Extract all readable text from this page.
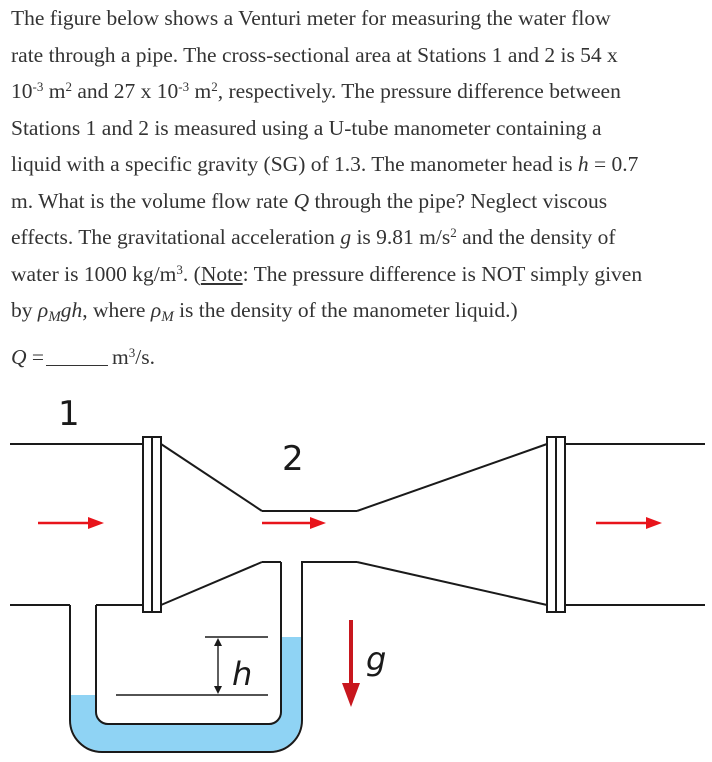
The figure below shows a Venturi meter for measuring the water flow
rate through a pipe. The cross-sectional area at Stations 1 and 2 is 54 x
$10^{-3}$ $m^2$ and 27 x $10^{-3}$ $m^2$, respectively. The pressure difference between
Stations 1 and 2 is measured using a U-tube manometer containing a
liquid with a specific gravity (SG) of 1.3. The manometer head is h = 0.7
m. What is the volume flow rate Q through the pipe? Neglect viscous
effects. The gravitational acceleration g is 9.81 $m/s^2$ and the density of
water is 1000 $kg/m^3$. (Note: The pressure difference is NOT simply given
by ρMgh, where ρM is the density of the manometer liquid.)
Q =	$m^3/s$.
1
2
h	g
